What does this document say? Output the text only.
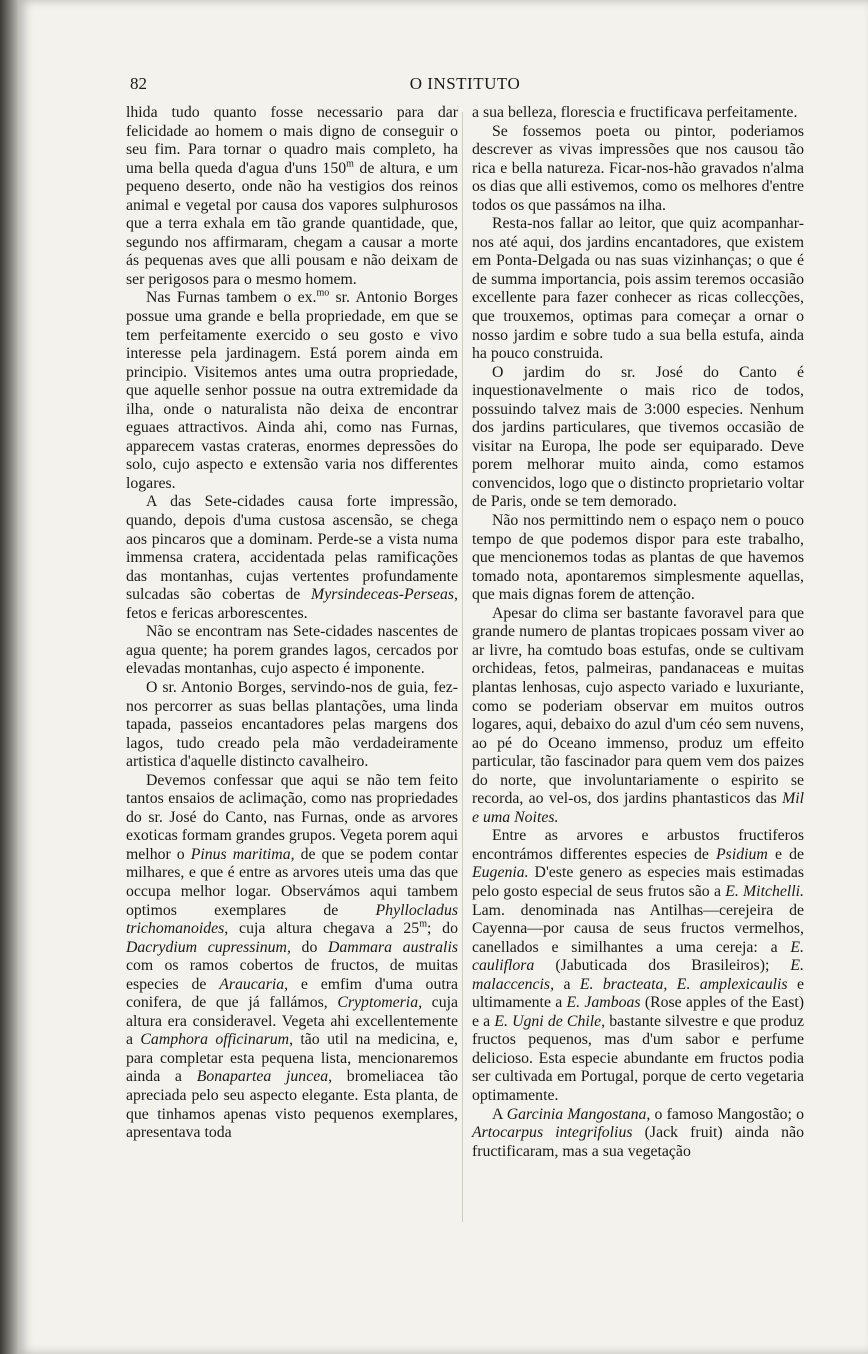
82	O INSTITUTO

lhida tudo quanto fosse necessario para dar felicidade ao homem o mais digno de conseguir o seu fim. Para tornar o quadro mais completo, ha uma bella queda d'agua d'uns 150$^m$ de altura, e um pequeno deserto, onde não ha vestigios dos reinos animal e vegetal por causa dos vapores sulphurosos que a terra exhala em tão grande quantidade, que, segundo nos affirmaram, chegam a causar a morte ás pequenas aves que alli pousam e não deixam de ser perigosos para o mesmo homem.

Nas Furnas tambem o ex.$^{mo}$ sr. Antonio Borges possue uma grande e bella propriedade, em que se tem perfeitamente exercido o seu gosto e vivo interesse pela jardinagem. Está porem ainda em principio. Visitemos antes uma outra propriedade, que aquelle senhor possue na outra extremidade da ilha, onde o naturalista não deixa de encontrar eguaes attractivos. Ainda ahi, como nas Furnas, apparecem vastas crateras, enormes depressões do solo, cujo aspecto e extensão varia nos differentes logares.

A das Sete-cidades causa forte impressão, quando, depois d'uma custosa ascensão, se chega aos pincaros que a dominam. Perde-se a vista numa immensa cratera, accidentada pelas ramificações das montanhas, cujas vertentes profundamente sulcadas são cobertas de Myrsindeceas-Perseas, fetos e fericas arborescentes.

Não se encontram nas Sete-cidades nascentes de agua quente; ha porem grandes lagos, cercados por elevadas montanhas, cujo aspecto é imponente.

O sr. Antonio Borges, servindo-nos de guia, fez-nos percorrer as suas bellas plantações, uma linda tapada, passeios encantadores pelas margens dos lagos, tudo creado pela mão verdadeiramente artistica d'aquelle distincto cavalheiro.

Devemos confessar que aqui se não tem feito tantos ensaios de aclimação, como nas propriedades do sr. José do Canto, nas Furnas, onde as arvores exoticas formam grandes grupos. Vegeta porem aqui melhor o Pinus maritima, de que se podem contar milhares, e que é entre as arvores uteis uma das que occupa melhor logar. Observámos aqui tambem optimos exemplares de Phyllocladus trichomanoides, cuja altura chegava a 25$^m$; do Dacrydium cupressinum, do Dammara australis com os ramos cobertos de fructos, de muitas especies de Araucaria, e emfim d'uma outra conifera, de que já fallámos, Cryptomeria, cuja altura era consideravel. Vegeta ahi excellentemente a Camphora officinarum, tão util na medicina, e, para completar esta pequena lista, mencionaremos ainda a Bonapartea juncea, bromeliacea tão apreciada pelo seu aspecto elegante. Esta planta, de que tinhamos apenas visto pequenos exemplares, apresentava toda

a sua belleza, florescia e fructificava perfeitamente.

Se fossemos poeta ou pintor, poderiamos descrever as vivas impressões que nos causou tão rica e bella natureza. Ficar-nos-hão gravados n'alma os dias que alli estivemos, como os melhores d'entre todos os que passámos na ilha.

Resta-nos fallar ao leitor, que quiz acompanhar-nos até aqui, dos jardins encantadores, que existem em Ponta-Delgada ou nas suas vizinhanças; o que é de summa importancia, pois assim teremos occasião excellente para fazer conhecer as ricas collecções, que trouxemos, optimas para começar a ornar o nosso jardim e sobre tudo a sua bella estufa, ainda ha pouco construida.

O jardim do sr. José do Canto é inquestionavelmente o mais rico de todos, possuindo talvez mais de 3:000 especies. Nenhum dos jardins particulares, que tivemos occasião de visitar na Europa, lhe pode ser equiparado. Deve porem melhorar muito ainda, como estamos convencidos, logo que o distincto proprietario voltar de Paris, onde se tem demorado.

Não nos permittindo nem o espaço nem o pouco tempo de que podemos dispor para este trabalho, que mencionemos todas as plantas de que havemos tomado nota, apontaremos simplesmente aquellas, que mais dignas forem de attenção.

Apesar do clima ser bastante favoravel para que grande numero de plantas tropicaes possam viver ao ar livre, ha comtudo boas estufas, onde se cultivam orchideas, fetos, palmeiras, pandanaceas e muitas plantas lenhosas, cujo aspecto variado e luxuriante, como se poderiam observar em muitos outros logares, aqui, debaixo do azul d'um céo sem nuvens, ao pé do Oceano immenso, produz um effeito particular, tão fascinador para quem vem dos paizes do norte, que involuntariamente o espirito se recorda, ao vel-os, dos jardins phantasticos das Mil e uma Noites.

Entre as arvores e arbustos fructiferos encontrámos differentes especies de Psidium e de Eugenia. D'este genero as especies mais estimadas pelo gosto especial de seus frutos são a E. Mitchelli. Lam. denominada nas Antilhas—cerejeira de Cayenna—por causa de seus fructos vermelhos, canellados e similhantes a uma cereja: a E. cauliflora (Jabuticada dos Brasileiros); E. malaccencis, a E. bracteata, E. amplexicaulis e ultimamente a E. Jamboas (Rose apples of the East) e a E. Ugni de Chile, bastante silvestre e que produz fructos pequenos, mas d'um sabor e perfume delicioso. Esta especie abundante em fructos podia ser cultivada em Portugal, porque de certo vegetaria optimamente.

A Garcinia Mangostana, o famoso Mangostão; o Artocarpus integrifolius (Jack fruit) ainda não fructificaram, mas a sua vegetação
